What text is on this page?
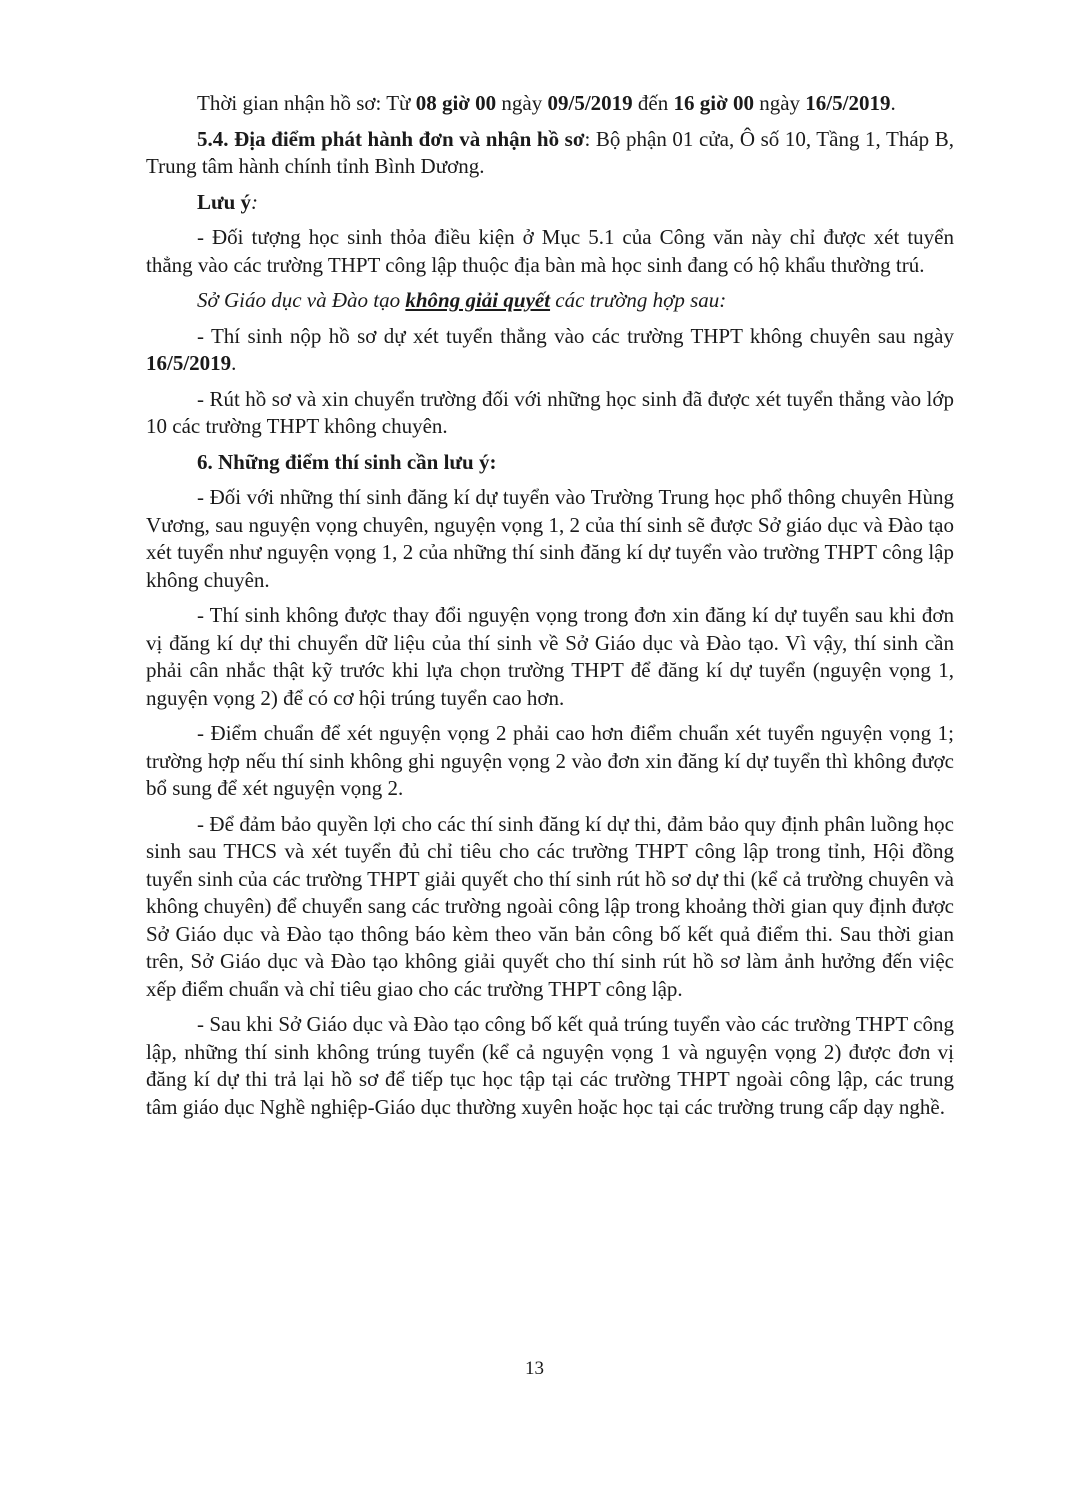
Thời gian nhận hồ sơ: Từ 08 giờ 00 ngày 09/5/2019 đến 16 giờ 00 ngày 16/5/2019.

5.4. Địa điểm phát hành đơn và nhận hồ sơ: Bộ phận 01 cửa, Ô số 10, Tầng 1, Tháp B, Trung tâm hành chính tỉnh Bình Dương.

Lưu ý:

- Đối tượng học sinh thỏa điều kiện ở Mục 5.1 của Công văn này chỉ được xét tuyển thẳng vào các trường THPT công lập thuộc địa bàn mà học sinh đang có hộ khẩu thường trú.

Sở Giáo dục và Đào tạo không giải quyết các trường hợp sau:

- Thí sinh nộp hồ sơ dự xét tuyển thẳng vào các trường THPT không chuyên sau ngày 16/5/2019.

- Rút hồ sơ và xin chuyển trường đối với những học sinh đã được xét tuyển thẳng vào lớp 10 các trường THPT không chuyên.

6. Những điểm thí sinh cần lưu ý:

- Đối với những thí sinh đăng kí dự tuyển vào Trường Trung học phổ thông chuyên Hùng Vương, sau nguyện vọng chuyên, nguyện vọng 1, 2 của thí sinh sẽ được Sở giáo dục và Đào tạo xét tuyển như nguyện vọng 1, 2 của những thí sinh đăng kí dự tuyển vào trường THPT công lập không chuyên.

- Thí sinh không được thay đổi nguyện vọng trong đơn xin đăng kí dự tuyển sau khi đơn vị đăng kí dự thi chuyển dữ liệu của thí sinh về Sở Giáo dục và Đào tạo. Vì vậy, thí sinh cần phải cân nhắc thật kỹ trước khi lựa chọn trường THPT để đăng kí dự tuyển (nguyện vọng 1, nguyện vọng 2) để có cơ hội trúng tuyển cao hơn.

- Điểm chuẩn để xét nguyện vọng 2 phải cao hơn điểm chuẩn xét tuyển nguyện vọng 1; trường hợp nếu thí sinh không ghi nguyện vọng 2 vào đơn xin đăng kí dự tuyển thì không được bổ sung để xét nguyện vọng 2.

- Để đảm bảo quyền lợi cho các thí sinh đăng kí dự thi, đảm bảo quy định phân luồng học sinh sau THCS và xét tuyển đủ chỉ tiêu cho các trường THPT công lập trong tỉnh, Hội đồng tuyển sinh của các trường THPT giải quyết cho thí sinh rút hồ sơ dự thi (kể cả trường chuyên và không chuyên) để chuyển sang các trường ngoài công lập trong khoảng thời gian quy định được Sở Giáo dục và Đào tạo thông báo kèm theo văn bản công bố kết quả điểm thi. Sau thời gian trên, Sở Giáo dục và Đào tạo không giải quyết cho thí sinh rút hồ sơ làm ảnh hưởng đến việc xếp điểm chuẩn và chỉ tiêu giao cho các trường THPT công lập.

- Sau khi Sở Giáo dục và Đào tạo công bố kết quả trúng tuyển vào các trường THPT công lập, những thí sinh không trúng tuyển (kể cả nguyện vọng 1 và nguyện vọng 2) được đơn vị đăng kí dự thi trả lại hồ sơ để tiếp tục học tập tại các trường THPT ngoài công lập, các trung tâm giáo dục Nghề nghiệp-Giáo dục thường xuyên hoặc học tại các trường trung cấp dạy nghề.

13
